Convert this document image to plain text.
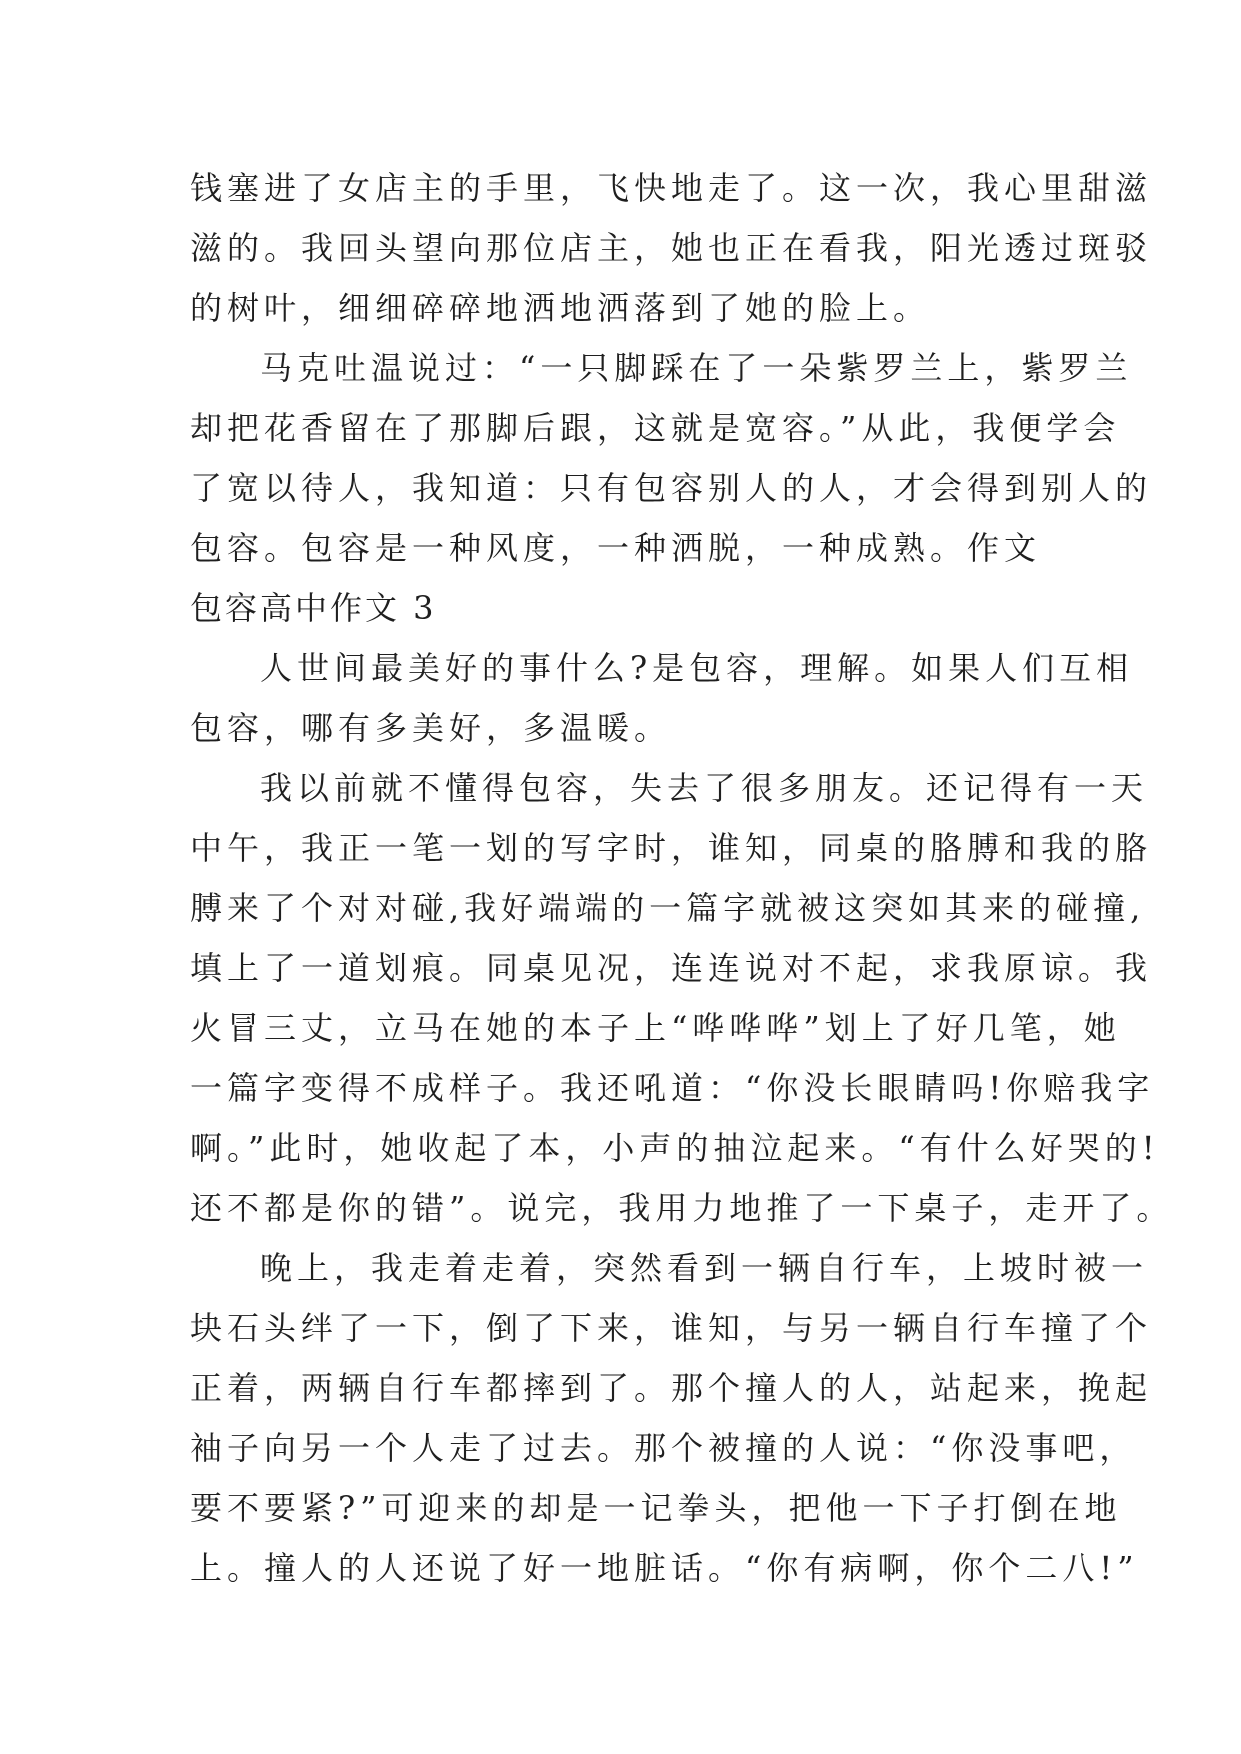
钱塞进了女店主的手里，飞快地走了。这一次，我心里甜滋
滋的。我回头望向那位店主，她也正在看我，阳光透过斑驳
的树叶，细细碎碎地洒地洒落到了她的脸上。
马克吐温说过：“一只脚踩在了一朵紫罗兰上，紫罗兰
却把花香留在了那脚后跟，这就是宽容。”从此，我便学会
了宽以待人，我知道：只有包容别人的人，才会得到别人的
包容。包容是一种风度，一种洒脱，一种成熟。作文
包容高中作文 3
人世间最美好的事什么?是包容，理解。如果人们互相
包容，哪有多美好，多温暖。
我以前就不懂得包容，失去了很多朋友。还记得有一天
中午，我正一笔一划的写字时，谁知，同桌的胳膊和我的胳
膊来了个对对碰,我好端端的一篇字就被这突如其来的碰撞,
填上了一道划痕。同桌见况，连连说对不起，求我原谅。我
火冒三丈，立马在她的本子上“哗哗哗”划上了好几笔，她
一篇字变得不成样子。我还吼道：“你没长眼睛吗!你赔我字
啊。”此时，她收起了本，小声的抽泣起来。“有什么好哭的!
还不都是你的错”。说完，我用力地推了一下桌子，走开了。
晚上，我走着走着，突然看到一辆自行车，上坡时被一
块石头绊了一下，倒了下来，谁知，与另一辆自行车撞了个
正着，两辆自行车都摔到了。那个撞人的人，站起来，挽起
袖子向另一个人走了过去。那个被撞的人说：“你没事吧，
要不要紧?”可迎来的却是一记拳头，把他一下子打倒在地
上。撞人的人还说了好一地脏话。“你有病啊，你个二八!”
